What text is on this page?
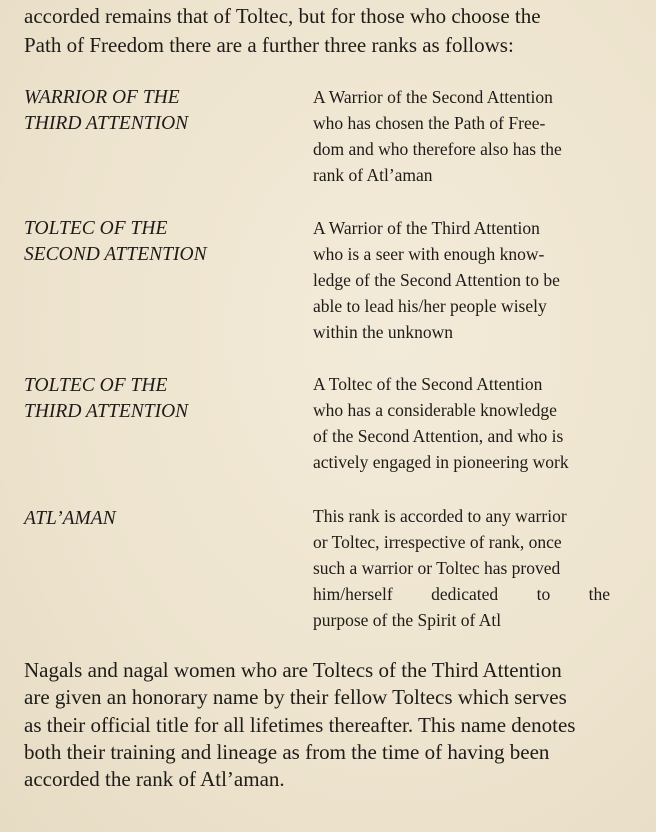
accorded remains that of Toltec, but for those who choose the
Path of Freedom there are a further three ranks as follows:

WARRIOR OF THE
THIRD ATTENTION

A Warrior of the Second Attention
who has chosen the Path of Free-
dom and who therefore also has the
rank of Atl’aman

TOLTEC OF THE
SECOND ATTENTION

A Warrior of the Third Attention
who is a seer with enough know-
ledge of the Second Attention to be
able to lead his/her people wisely
within the unknown

TOLTEC OF THE
THIRD ATTENTION

A Toltec of the Second Attention
who has a considerable knowledge
of the Second Attention, and who is
actively engaged in pioneering work

ATL’AMAN	This rank is accorded to any warrior
or Toltec, irrespective of rank, once
such a warrior or Toltec has proved
him/herself dedicated to the
purpose of the Spirit of Atl

Nagals and nagal women who are Toltecs of the Third Attention
are given an honorary name by their fellow Toltecs which serves
as their official title for all lifetimes thereafter. This name denotes
both their training and lineage as from the time of having been
accorded the rank of Atl’aman.
